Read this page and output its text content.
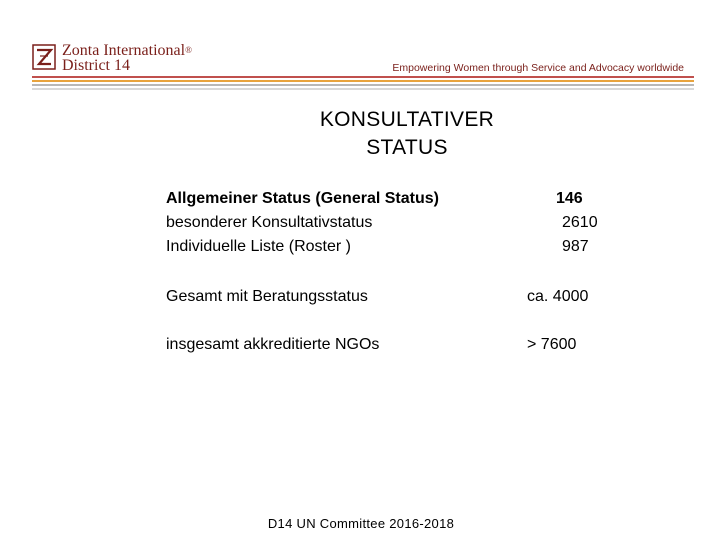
Zonta International®
District 14	Empowering Women through Service and Advocacy worldwide
KONSULTATIVER
STATUS
Allgemeiner Status (General Status)	146
besonderer Konsultativstatus	2610
Individuelle Liste (Roster )	987
Gesamt mit Beratungsstatus	ca. 4000
insgesamt akkreditierte NGOs	> 7600
D14 UN Committee 2016-2018
